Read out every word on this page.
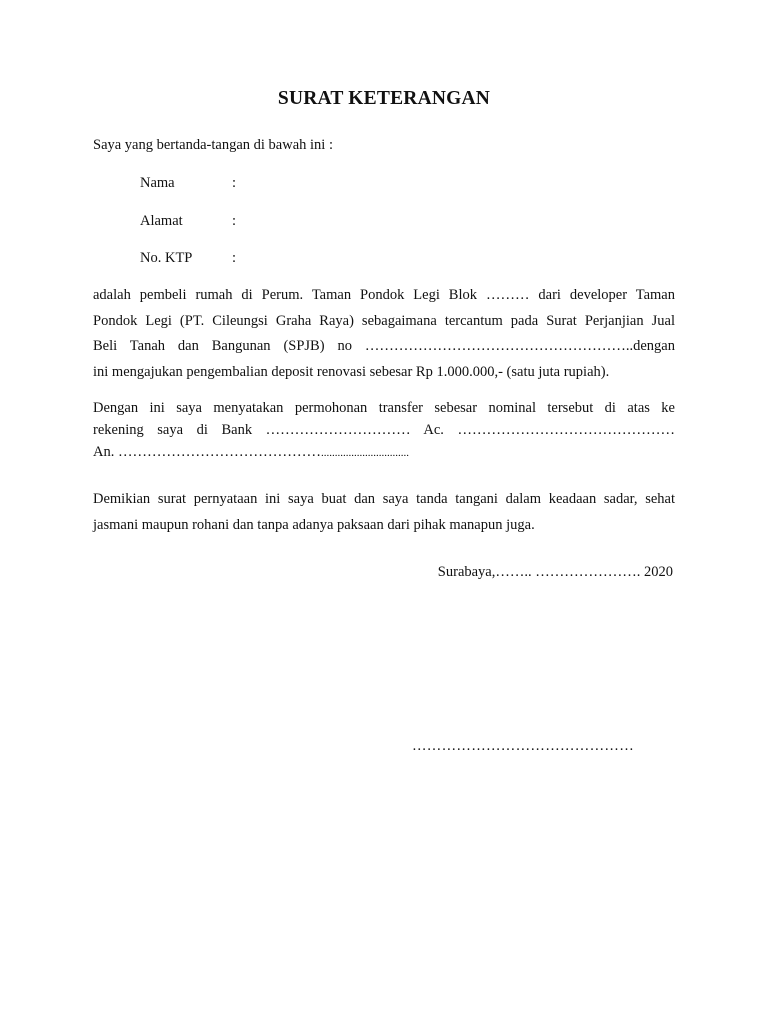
SURAT KETERANGAN
Saya yang bertanda-tangan di bawah ini :
Nama	:
Alamat	:
No. KTP	:
adalah pembeli rumah di Perum. Taman Pondok Legi Blok ……… dari developer Taman
Pondok Legi (PT. Cileungsi Graha Raya) sebagaimana tercantum pada Surat Perjanjian Jual
Beli Tanah dan Bangunan (SPJB) no ………………………………………………..dengan
ini mengajukan pengembalian deposit renovasi sebesar Rp 1.000.000,- (satu juta rupiah).
Dengan ini saya menyatakan permohonan transfer sebesar nominal tersebut di atas ke
rekening saya di Bank ………………………… Ac. ………………………………………
An. ……………………………………................................
Demikian surat pernyataan ini saya buat dan saya tanda tangani dalam keadaan sadar, sehat
jasmani maupun rohani dan tanpa adanya paksaan dari pihak manapun juga.
Surabaya,…….. …………………. 2020
………………………………………
